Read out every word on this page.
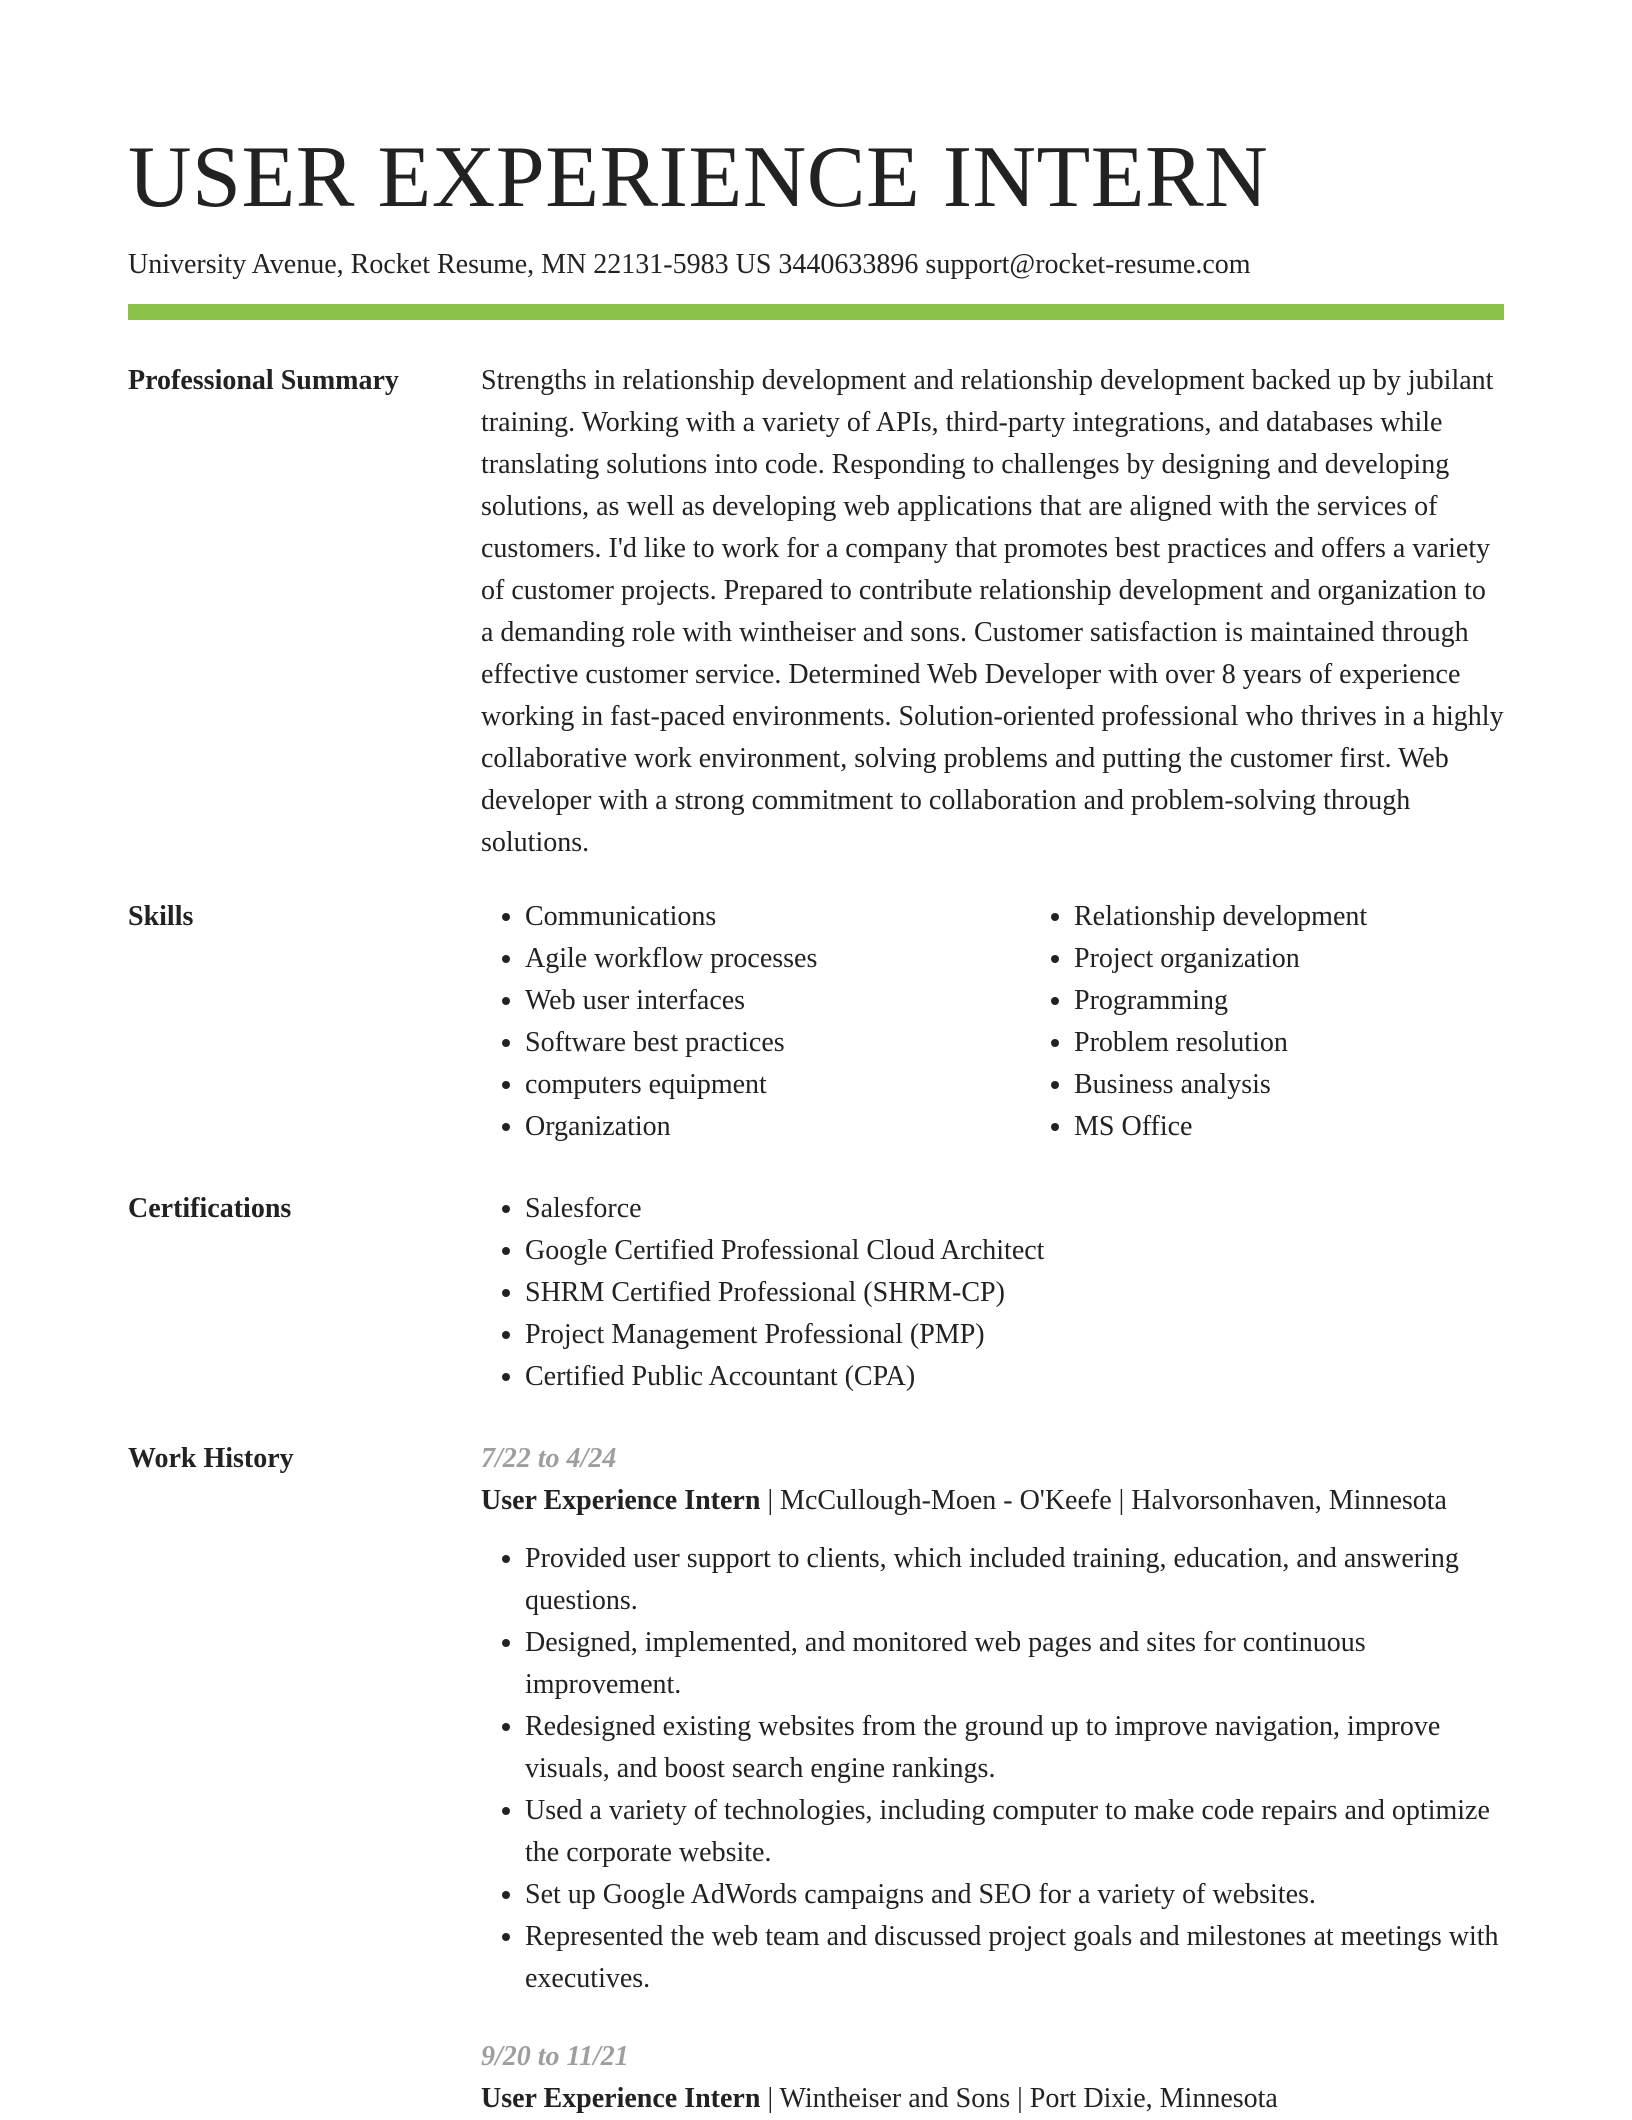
USER EXPERIENCE INTERN
University Avenue, Rocket Resume, MN 22131-5983 US 3440633896 support@rocket-resume.com
Professional Summary	Strengths in relationship development and relationship development backed up by jubilant training. Working with a variety of APIs, third-party integrations, and databases while translating solutions into code. Responding to challenges by designing and developing solutions, as well as developing web applications that are aligned with the services of customers. I'd like to work for a company that promotes best practices and offers a variety of customer projects. Prepared to contribute relationship development and organization to a demanding role with wintheiser and sons. Customer satisfaction is maintained through effective customer service. Determined Web Developer with over 8 years of experience working in fast-paced environments. Solution-oriented professional who thrives in a highly collaborative work environment, solving problems and putting the customer first. Web developer with a strong commitment to collaboration and problem-solving through solutions.

Skills	• Communications
• Agile workflow processes
• Web user interfaces
• Software best practices
• computers equipment
• Organization
• Relationship development
• Project organization
• Programming
• Problem resolution
• Business analysis
• MS Office
Certifications	• Salesforce
• Google Certified Professional Cloud Architect
• SHRM Certified Professional (SHRM-CP)
• Project Management Professional (PMP)
• Certified Public Accountant (CPA)
Work History	7/22 to 4/24
User Experience Intern | McCullough-Moen - O'Keefe | Halvorsonhaven, Minnesota
• Provided user support to clients, which included training, education, and answering questions.
• Designed, implemented, and monitored web pages and sites for continuous improvement.
• Redesigned existing websites from the ground up to improve navigation, improve visuals, and boost search engine rankings.
• Used a variety of technologies, including computer to make code repairs and optimize the corporate website.
• Set up Google AdWords campaigns and SEO for a variety of websites.
• Represented the web team and discussed project goals and milestones at meetings with executives.
9/20 to 11/21
User Experience Intern | Wintheiser and Sons | Port Dixie, Minnesota
